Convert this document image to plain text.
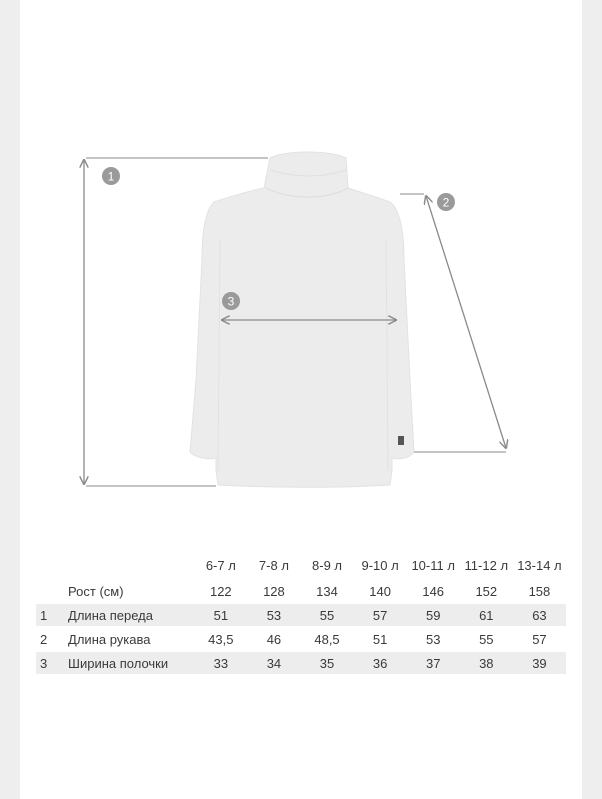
1
2
3
		6-7 л	7-8 л	8-9 л	9-10 л	10-11 л	11-12 л	13-14 л

	Рост (см)	122	128	134	140	146	152	158

1	Длина переда	51	53	55	57	59	61	63

2	Длина рукава	43,5	46	48,5	51	53	55	57

3	Ширина полочки	33	34	35	36	37	38	39
